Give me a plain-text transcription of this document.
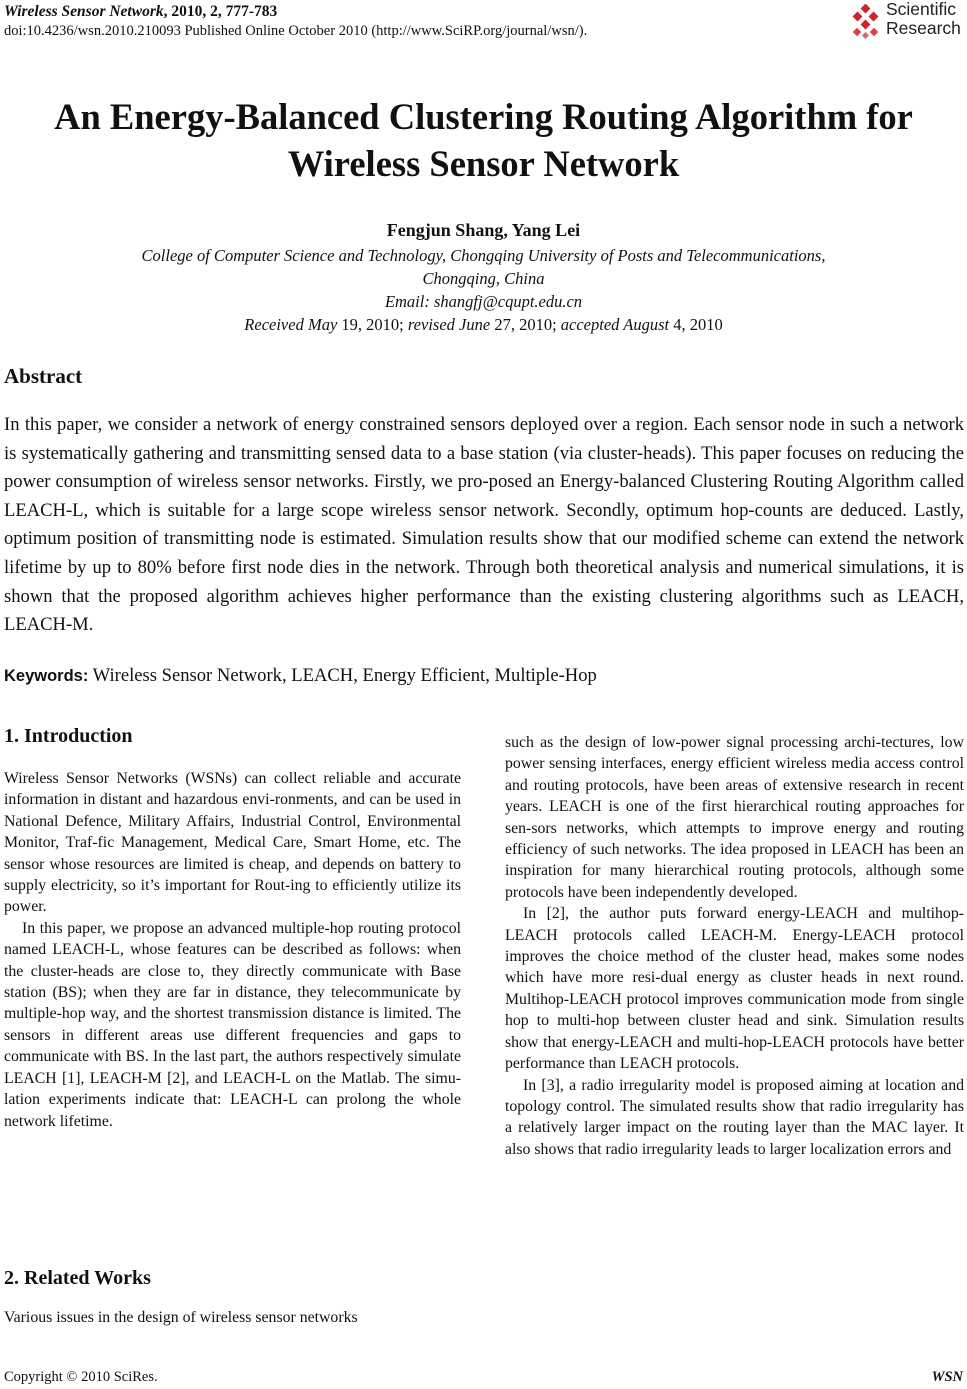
Wireless Sensor Network, 2010, 2, 777-783
doi:10.4236/wsn.2010.210093 Published Online October 2010 (http://www.SciRP.org/journal/wsn/).
Scientific
Research
An Energy-Balanced Clustering Routing Algorithm for
Wireless Sensor Network
Fengjun Shang, Yang Lei
College of Computer Science and Technology, Chongqing University of Posts and Telecommunications,
Chongqing, China
Email: shangfj@cqupt.edu.cn
Received May 19, 2010; revised June 27, 2010; accepted August 4, 2010
Abstract
In this paper, we consider a network of energy constrained sensors deployed over a region. Each sensor node in such a network is systematically gathering and transmitting sensed data to a base station (via cluster-heads). This paper focuses on reducing the power consumption of wireless sensor networks. Firstly, we pro-posed an Energy-balanced Clustering Routing Algorithm called LEACH-L, which is suitable for a large scope wireless sensor network. Secondly, optimum hop-counts are deduced. Lastly, optimum position of transmitting node is estimated. Simulation results show that our modified scheme can extend the network lifetime by up to 80% before first node dies in the network. Through both theoretical analysis and numerical simulations, it is shown that the proposed algorithm achieves higher performance than the existing clustering algorithms such as LEACH, LEACH-M.
Keywords: Wireless Sensor Network, LEACH, Energy Efficient, Multiple-Hop
1. Introduction

Wireless Sensor Networks (WSNs) can collect reliable and accurate information in distant and hazardous envi-ronments, and can be used in National Defence, Military Affairs, Industrial Control, Environmental Monitor, Traf-fic Management, Medical Care, Smart Home, etc. The sensor whose resources are limited is cheap, and depends on battery to supply electricity, so it’s important for Rout-ing to efficiently utilize its power.

In this paper, we propose an advanced multiple-hop routing protocol named LEACH-L, whose features can be described as follows: when the cluster-heads are close to, they directly communicate with Base station (BS); when they are far in distance, they telecommunicate by multiple-hop way, and the shortest transmission distance is limited. The sensors in different areas use different frequencies and gaps to communicate with BS. In the last part, the authors respectively simulate LEACH [1], LEACH-M [2], and LEACH-L on the Matlab. The simu-lation experiments indicate that: LEACH-L can prolong the whole network lifetime.

2. Related Works

Various issues in the design of wireless sensor networks

such as the design of low-power signal processing archi-tectures, low power sensing interfaces, energy efficient wireless media access control and routing protocols, have been areas of extensive research in recent years. LEACH is one of the first hierarchical routing approaches for sen-sors networks, which attempts to improve energy and routing efficiency of such networks. The idea proposed in LEACH has been an inspiration for many hierarchical routing protocols, although some protocols have been independently developed.

In [2], the author puts forward energy-LEACH and multihop-LEACH protocols called LEACH-M. Energy-LEACH protocol improves the choice method of the cluster head, makes some nodes which have more resi-dual energy as cluster heads in next round. Multihop-LEACH protocol improves communication mode from single hop to multi-hop between cluster head and sink. Simulation results show that energy-LEACH and multi-hop-LEACH protocols have better performance than LEACH protocols.

In [3], a radio irregularity model is proposed aiming at location and topology control. The simulated results show that radio irregularity has a relatively larger impact on the routing layer than the MAC layer. It also shows that radio irregularity leads to larger localization errors and

Copyright © 2010 SciRes.	WSN
